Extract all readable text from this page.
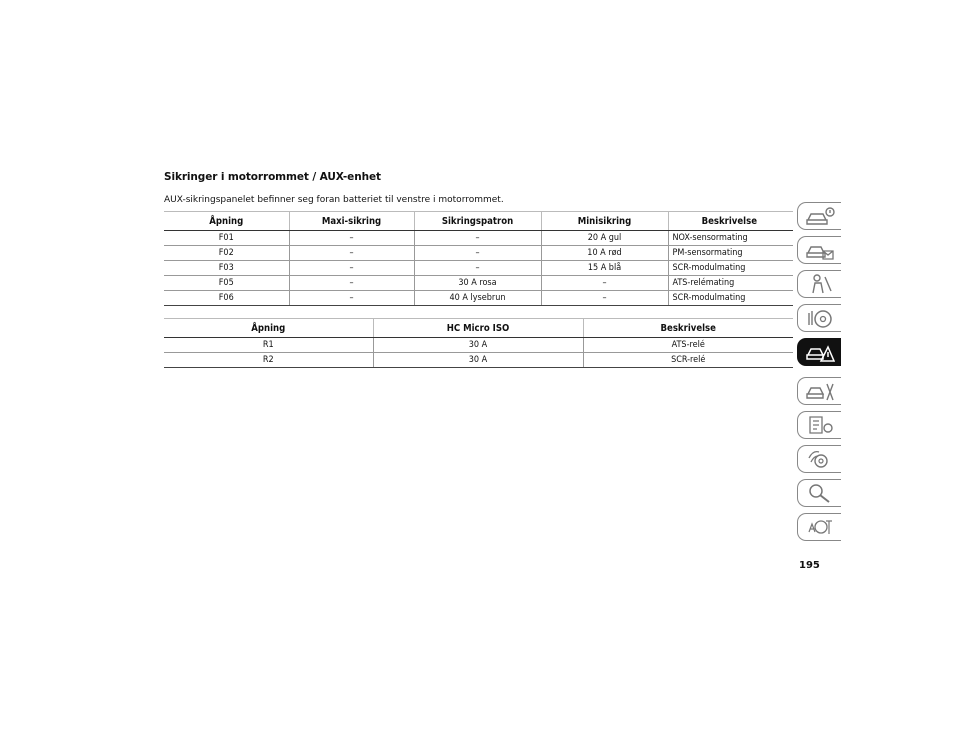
Sikringer i motorrommet / AUX-enhet

AUX-sikringspanelet befinner seg foran batteriet til venstre i motorrommet.

Åpning	Maxi-sikring	Sikringspatron	Minisikring	Beskrivelse
F01	–	–	20 A gul	NOX-sensormating
F02	–	–	10 A rød	PM-sensormating
F03	–	–	15 A blå	SCR-modulmating
F05	–	30 A rosa	–	ATS-relémating
F06	–	40 A lysebrun	–	SCR-modulmating
Åpning	HC Micro ISO	Beskrivelse
R1	30 A	ATS-relé
R2	30 A	SCR-relé

195
